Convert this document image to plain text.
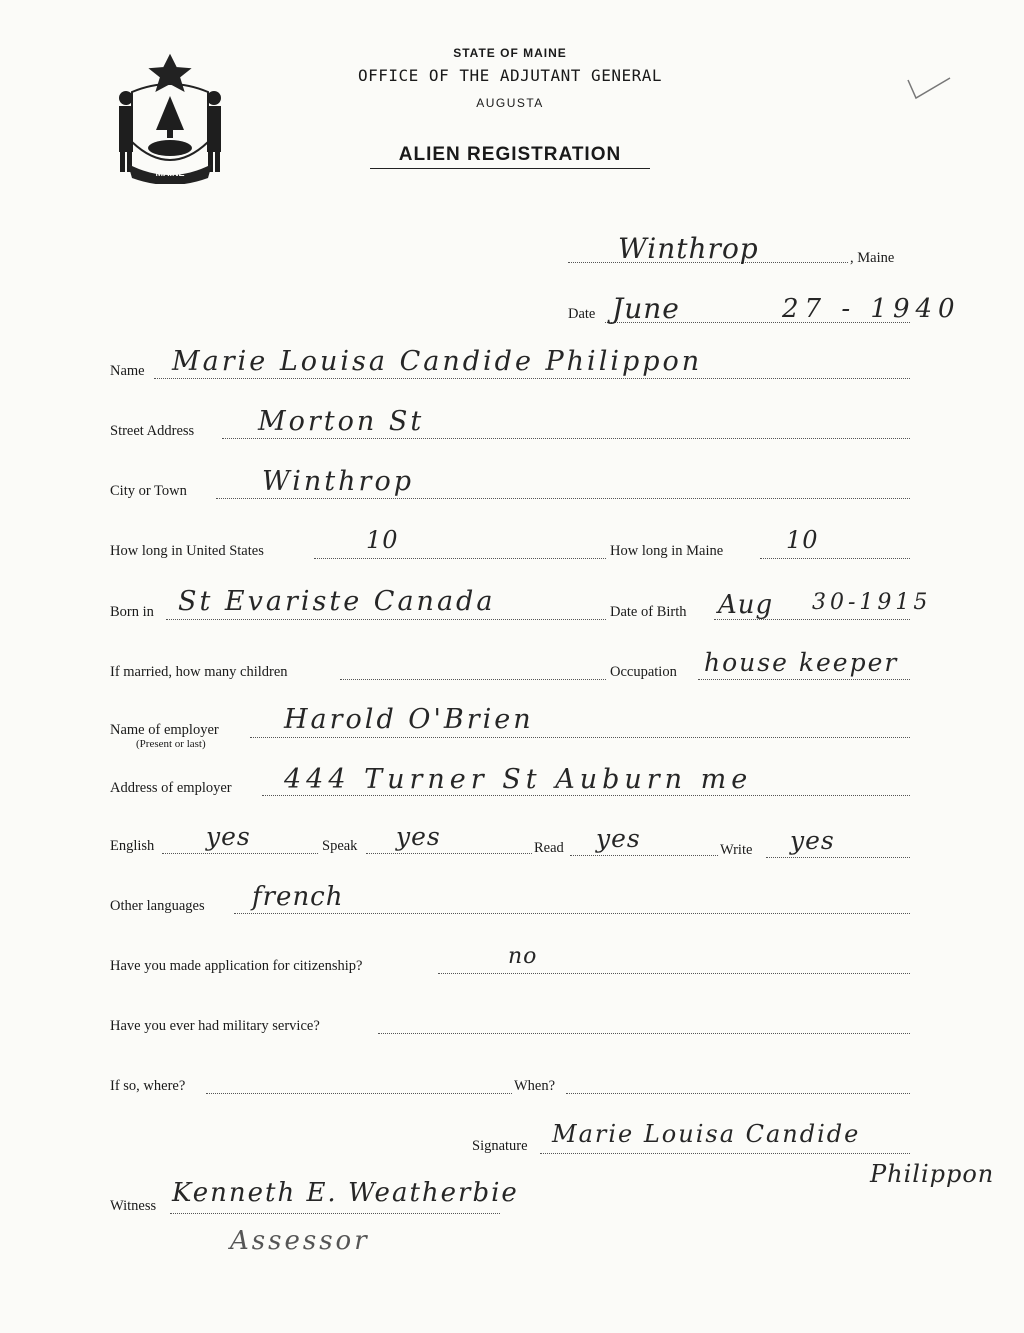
MAINE
STATE OF MAINE
OFFICE OF THE ADJUTANT GENERAL
AUGUSTA
ALIEN REGISTRATION
Winthrop	, Maine
Date June	27 - 1940
Name Marie Louisa Candide Philippon
Street Address Morton St
City or Town	Winthrop
How long in United States	10	How long in Maine	10
Born in St Evariste Canada	Date of Birth Aug 30-1915
If married, how many children	Occupation house keeper
Name of employer
(Present or last)
Harold O'Brien
Address of employer 444 Turner St Auburn me
English yes	Speak yes	Read yes	Write yes
Other languages french
Have you made application for citizenship?	no
Have you ever had military service?
If so, where?	When?
Signature Marie Louisa Candide
Philippon
Witness Kenneth E. Weatherbie
Assessor
